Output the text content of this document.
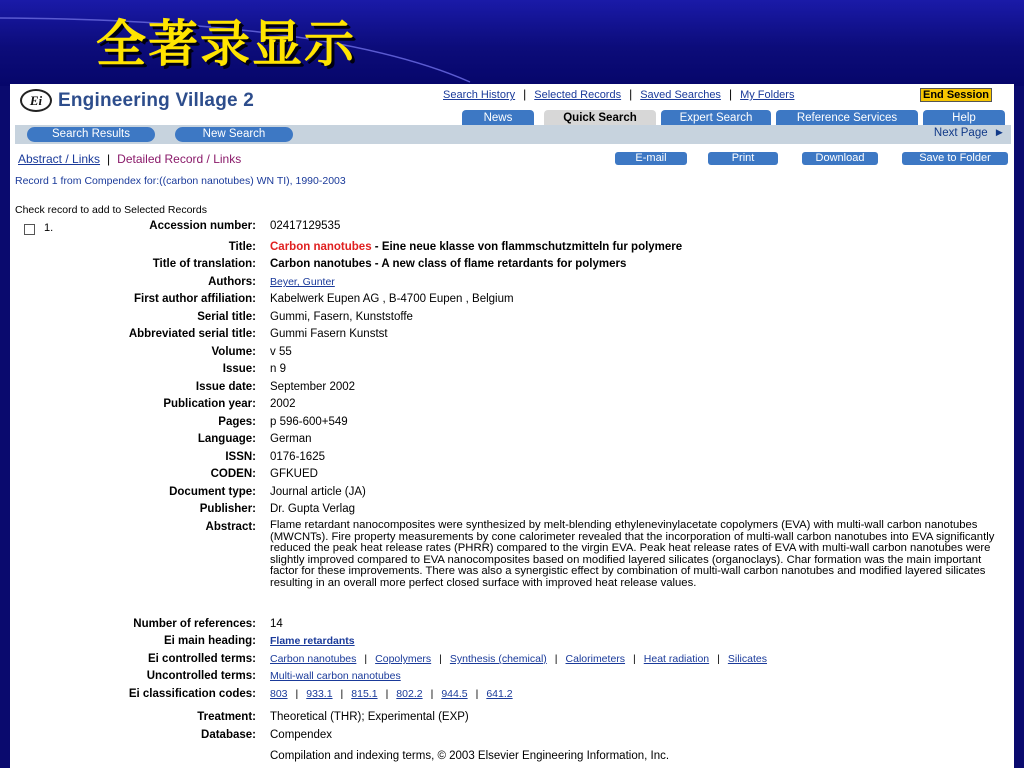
全著录显示
Ei Engineering Village 2	Search History | Selected Records | Saved Searches | My Folders	End Session
News	Quick Search	Expert Search	Reference Services	Help
Search Results	New Search	Next Page ►
Abstract / Links | Detailed Record / Links	E-mail	Print	Download	Save to Folder
Record 1 from Compendex for:((carbon nanotubes) WN TI), 1990-2003
Check record to add to Selected Records
1.	Accession number: 02417129535
Title: Carbon nanotubes - Eine neue klasse von flammschutzmitteln fur polymere
Title of translation: Carbon nanotubes - A new class of flame retardants for polymers
Authors: Beyer, Gunter
First author affiliation: Kabelwerk Eupen AG , B-4700 Eupen , Belgium
Serial title: Gummi, Fasern, Kunststoffe
Abbreviated serial title: Gummi Fasern Kunstst
Volume: v 55
Issue: n 9
Issue date: September 2002
Publication year: 2002
Pages: p 596-600+549
Language: German
ISSN: 0176-1625
CODEN: GFKUED
Document type: Journal article (JA)
Publisher: Dr. Gupta Verlag
Abstract: Flame retardant nanocomposites were synthesized by melt-blending ethylenevinylacetate copolymers (EVA) with multi-wall carbon nanotubes (MWCNTs). Fire property measurements by cone calorimeter revealed that the incorporation of multi-wall carbon nanotubes into EVA significantly reduced the peak heat release rates (PHRR) compared to the virgin EVA. Peak heat release rates of EVA with multi-wall carbon nanotubes were slightly improved compared to EVA nanocomposites based on modified layered silicates (organoclays). Char formation was the main important factor for these improvements. There was also a synergistic effect by combination of multi-wall carbon nanotubes and modified layered silicates resulting in an overall more perfect closed surface with improved heat release values.
Number of references: 14
Ei main heading: Flame retardants
Ei controlled terms: Carbon nanotubes | Copolymers | Synthesis (chemical) | Calorimeters | Heat radiation | Silicates
Uncontrolled terms: Multi-wall carbon nanotubes
Ei classification codes: 803 | 933.1 | 815.1 | 802.2 | 944.5 | 641.2
Treatment: Theoretical (THR); Experimental (EXP)
Database: Compendex
Compilation and indexing terms, © 2003 Elsevier Engineering Information, Inc.
